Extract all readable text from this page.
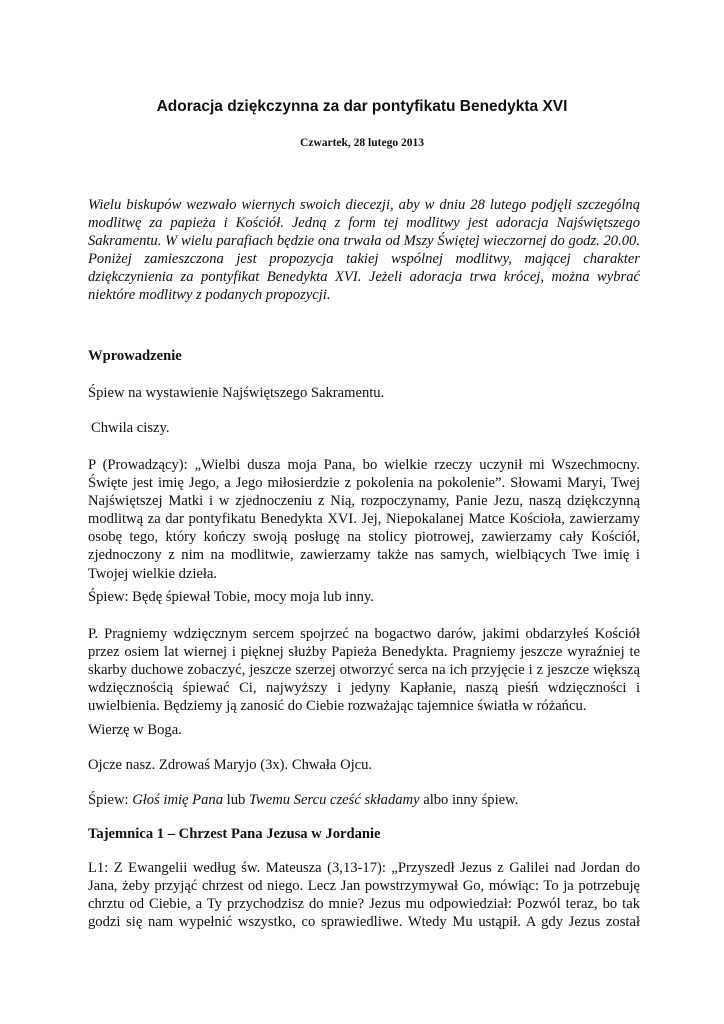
Adoracja dziękczynna za dar pontyfikatu Benedykta XVI

Czwartek, 28 lutego 2013

Wielu biskupów wezwało wiernych swoich diecezji, aby w dniu 28 lutego podjęli szczególną
modlitwę za papieża i Kościół. Jedną z form tej modlitwy jest adoracja Najświętszego
Sakramentu. W wielu parafiach będzie ona trwała od Mszy Świętej wieczornej do godz. 20.00.
Poniżej zamieszczona jest propozycja takiej wspólnej modlitwy, mającej charakter
dziękczynienia za pontyfikat Benedykta XVI. Jeżeli adoracja trwa krócej, można wybrać
niektóre modlitwy z podanych propozycji.

Wprowadzenie

Śpiew na wystawienie Najświętszego Sakramentu.

Chwila ciszy.

P (Prowadzący): „Wielbi dusza moja Pana, bo wielkie rzeczy uczynił mi Wszechmocny.
Święte jest imię Jego, a Jego miłosierdzie z pokolenia na pokolenie”. Słowami Maryi, Twej
Najświętszej Matki i w zjednoczeniu z Nią, rozpoczynamy, Panie Jezu, naszą dziękczynną
modlitwą za dar pontyfikatu Benedykta XVI. Jej, Niepokalanej Matce Kościoła, zawierzamy
osobę tego, który kończy swoją posługę na stolicy piotrowej, zawierzamy cały Kościół,
zjednoczony z nim na modlitwie, zawierzamy także nas samych, wielbiących Twe imię i
Twojej wielkie dzieła.

Śpiew: Będę śpiewał Tobie, mocy moja lub inny.

P. Pragniemy wdzięcznym sercem spojrzeć na bogactwo darów, jakimi obdarzyłeś Kościół
przez osiem lat wiernej i pięknej służby Papieża Benedykta. Pragniemy jeszcze wyraźniej te
skarby duchowe zobaczyć, jeszcze szerzej otworzyć serca na ich przyjęcie i z jeszcze większą
wdzięcznością śpiewać Ci, najwyższy i jedyny Kapłanie, naszą pieśń wdzięczności i
uwielbienia. Będziemy ją zanosić do Ciebie rozważając tajemnice światła w różańcu.

Wierzę w Boga.

Ojcze nasz. Zdrowaś Maryjo (3x). Chwała Ojcu.

Śpiew: Głoś imię Pana lub Twemu Sercu cześć składamy albo inny śpiew.

Tajemnica 1 – Chrzest Pana Jezusa w Jordanie

L1: Z Ewangelii według św. Mateusza (3,13-17): „Przyszedł Jezus z Galilei nad Jordan do
Jana, żeby przyjąć chrzest od niego. Lecz Jan powstrzymywał Go, mówiąc: To ja potrzebuję
chrztu od Ciebie, a Ty przychodzisz do mnie? Jezus mu odpowiedział: Pozwól teraz, bo tak
godzi się nam wypełnić wszystko, co sprawiedliwe. Wtedy Mu ustąpił. A gdy Jezus został
